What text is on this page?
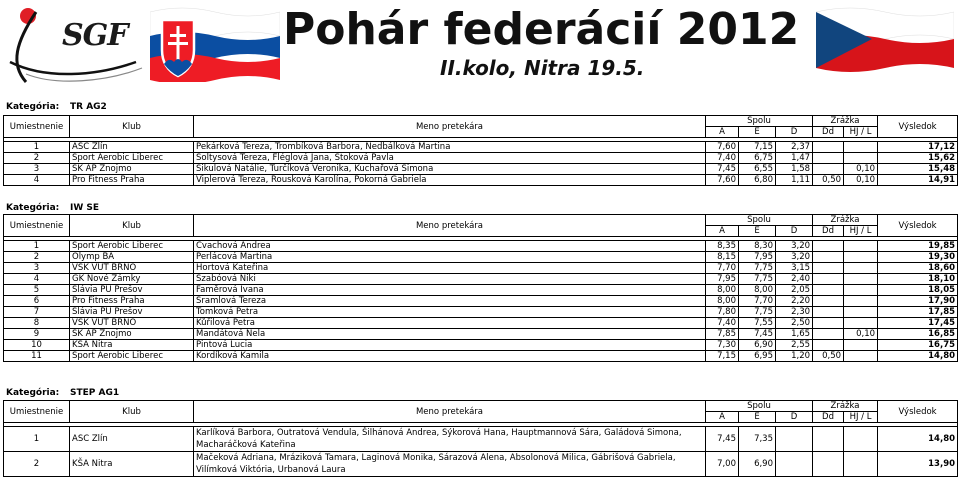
SGF	Pohár federácií 2012
II.kolo, Nitra 19.5.
Kategória: TR AG2
Umiestnenie	Klub	Meno pretekára	Spolu			Zrážka		Výsledok
			A	E	D	Dd	HJ / L	

1	ASC Zlín	Pekárková Tereza, Trombíková Barbora, Nedbálková Martina	7,60	7,15	2,37			17,12
2	Sport Aerobic Liberec	Šoltysová Tereza, Fléglová Jana, Štoková Pavla	7,40	6,75	1,47			15,62
3	SK AP Znojmo	Šikulová Natálie, Turčíková Veronika, Kuchařová Simona	7,45	6,55	1,58		0,10	15,48
4	Pro Fitness Praha	Viplerová Tereza, Rousková Karolína, Pokorná Gabriela	7,60	6,80	1,11	0,50	0,10	14,91
Kategória: IW SE
Umiestnenie	Klub	Meno pretekára	Spolu			Zrážka		Výsledok
			A	E	D	Dd	HJ / L	

1	Sport Aerobic Liberec	Cvachová Andrea	8,35	8,30	3,20			19,85
2	Olymp BA	Perlácová Martina	8,15	7,95	3,20			19,30
3	VSK VUT BRNO	Hortová Kateřina	7,70	7,75	3,15			18,60
4	GK Nové Zámky	Szabóová Niki	7,95	7,75	2,40			18,10
5	Slávia PU Prešov	Faměrová Ivana	8,00	8,00	2,05			18,05
6	Pro Fitness Praha	Šramlová Tereza	8,00	7,70	2,20			17,90
7	Slávia PU Prešov	Tomková Petra	7,80	7,75	2,30			17,85
8	VSK VUT BRNO	Kůřilová Petra	7,40	7,55	2,50			17,45
9	SK AP Znojmo	Mandátová Nela	7,85	7,45	1,65		0,10	16,85
10	KŠA Nitra	Pintová Lucia	7,30	6,90	2,55			16,75
11	Sport Aerobic Liberec	Kordíková Kamila	7,15	6,95	1,20	0,50		14,80
Kategória: STEP AG1
Umiestnenie	Klub	Meno pretekára	Spolu			Zrážka		Výsledok
			A	E	D	Dd	HJ / L	

1	ASC Zlín	Karlíková Barbora, Outratová Vendula, Šilhánová Andrea, Sýkorová Hana, Hauptmannová Sára, Galádová Simona, Macharáčková Kateřina	7,45	7,35				14,80
2	KŠA Nitra	Mačeková Adriana, Mráziková Tamara, Laginová Monika, Sárazová Alena, Absolonová Milica, Gábrišová Gabriela, Vilímková Viktória, Urbanová Laura	7,00	6,90				13,90
